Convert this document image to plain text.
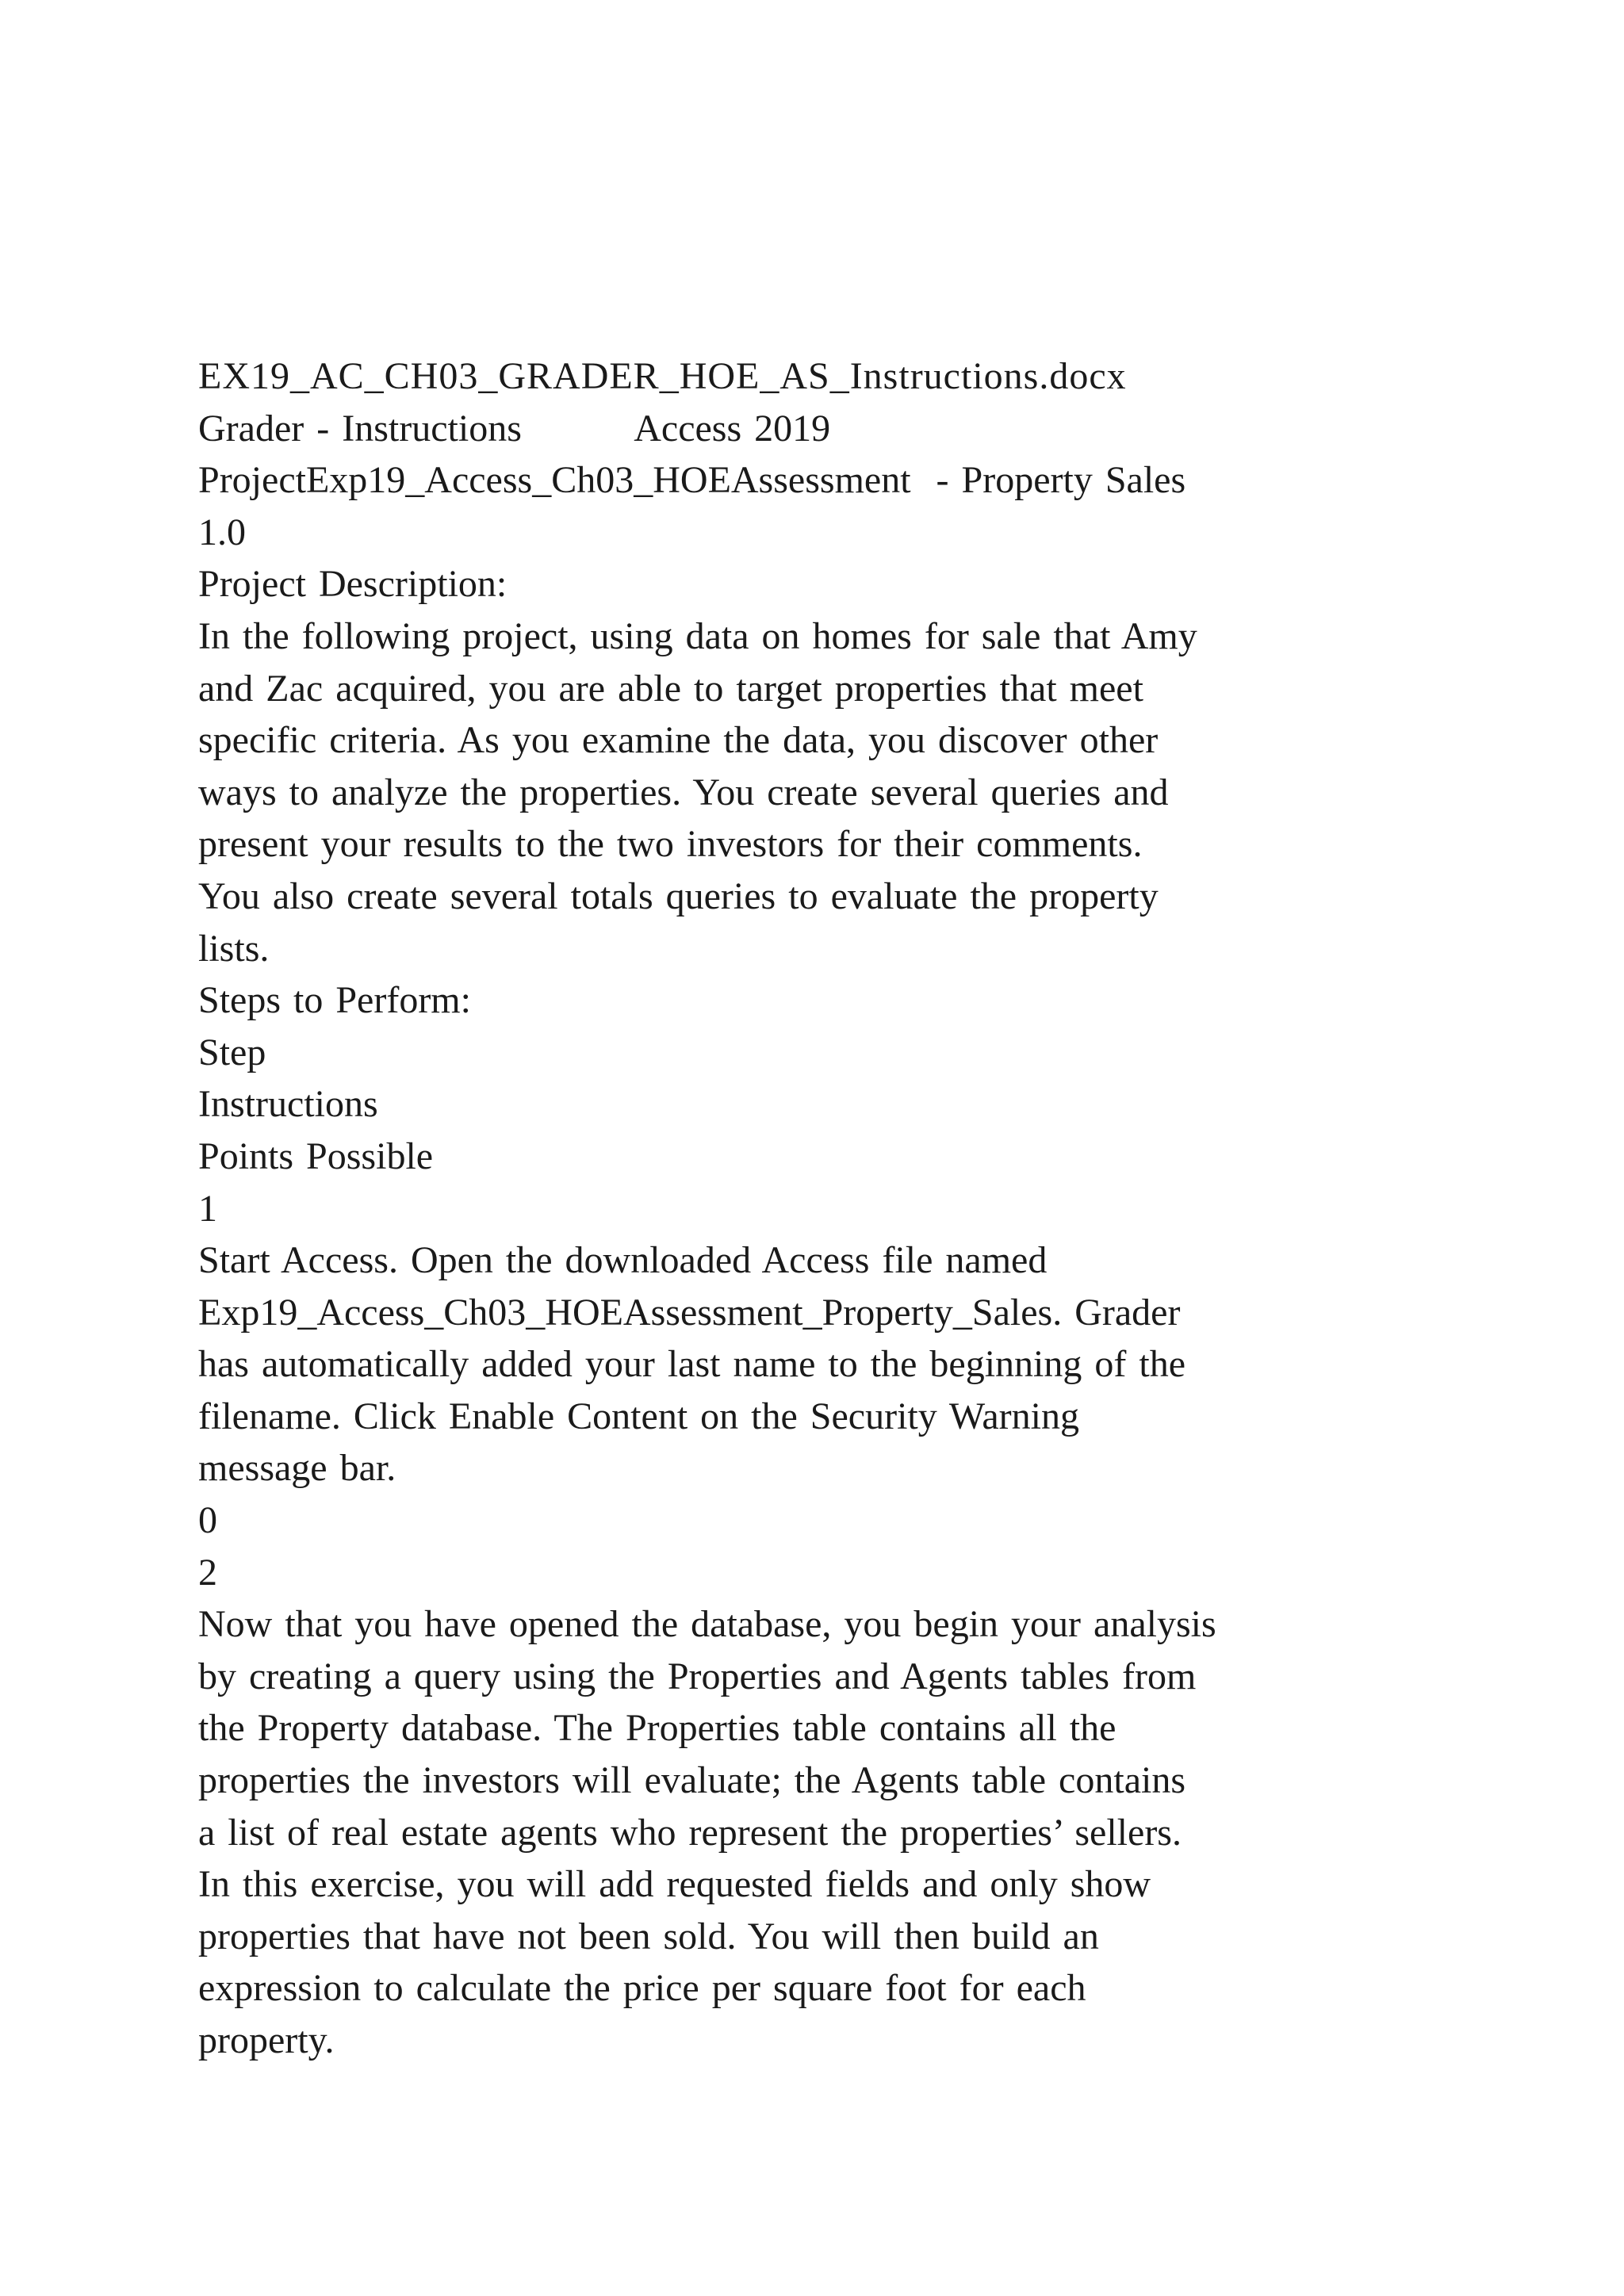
EX19_AC_CH03_GRADER_HOE_AS_Instructions.docx
Grader - Instructions         Access 2019
ProjectExp19_Access_Ch03_HOEAssessment  - Property Sales
1.0
Project Description:
In the following project, using data on homes for sale that Amy
and Zac acquired, you are able to target properties that meet
specific criteria. As you examine the data, you discover other
ways to analyze the properties. You create several queries and
present your results to the two investors for their comments.
You also create several totals queries to evaluate the property
lists.
Steps to Perform:
Step
Instructions
Points Possible
1
Start Access. Open the downloaded Access file named
Exp19_Access_Ch03_HOEAssessment_Property_Sales. Grader
has automatically added your last name to the beginning of the
filename. Click Enable Content on the Security Warning
message bar.
0
2
Now that you have opened the database, you begin your analysis
by creating a query using the Properties and Agents tables from
the Property database. The Properties table contains all the
properties the investors will evaluate; the Agents table contains
a list of real estate agents who represent the properties’ sellers.
In this exercise, you will add requested fields and only show
properties that have not been sold. You will then build an
expression to calculate the price per square foot for each
property.
